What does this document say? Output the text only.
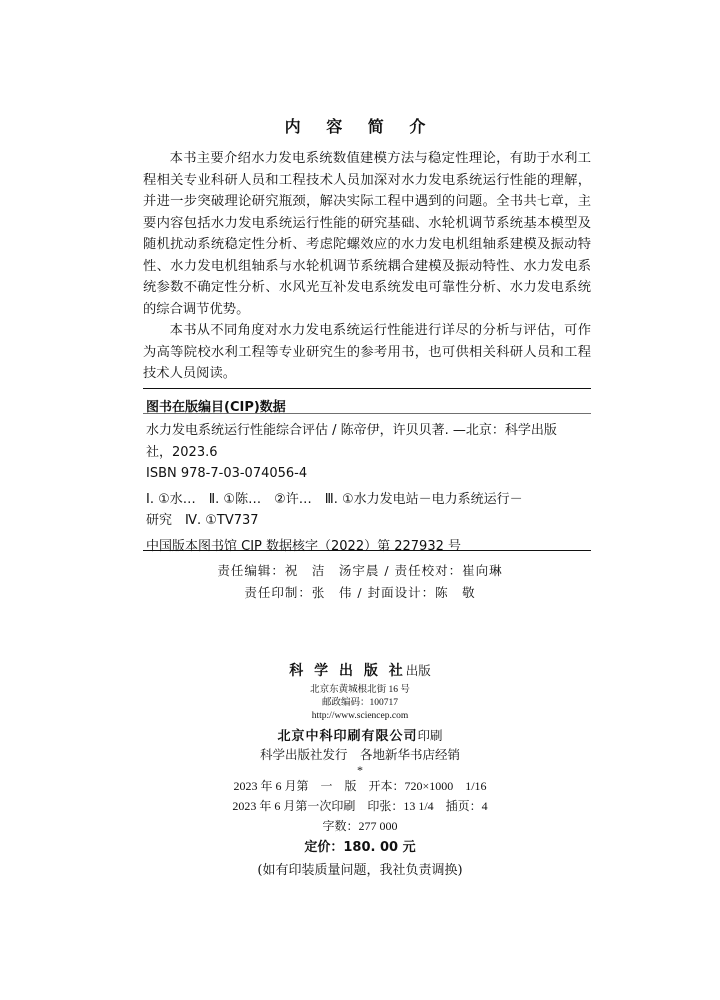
内 容 简 介

本书主要介绍水力发电系统数值建模方法与稳定性理论，有助于水利工程相关专业科研人员和工程技术人员加深对水力发电系统运行性能的理解，并进一步突破理论研究瓶颈，解决实际工程中遇到的问题。全书共七章，主要内容包括水力发电系统运行性能的研究基础、水轮机调节系统基本模型及随机扰动系统稳定性分析、考虑陀螺效应的水力发电机组轴系建模及振动特性、水力发电机组轴系与水轮机调节系统耦合建模及振动特性、水力发电系统参数不确定性分析、水风光互补发电系统发电可靠性分析、水力发电系统的综合调节优势。

本书从不同角度对水力发电系统运行性能进行详尽的分析与评估，可作为高等院校水利工程等专业研究生的参考用书，也可供相关科研人员和工程技术人员阅读。

图书在版编目(CIP)数据
水力发电系统运行性能综合评估 / 陈帝伊，许贝贝著. —北京：科学出版
社，2023.6
ISBN 978-7-03-074056-4
Ⅰ. ①水…　Ⅱ. ①陈…　②许…　Ⅲ. ①水力发电站－电力系统运行－
研究　Ⅳ. ①TV737
中国版本图书馆 CIP 数据核字（2022）第 227932 号
责任编辑：祝　洁　汤宇晨 / 责任校对：崔向琳
责任印制：张　伟 / 封面设计：陈　敬
科 学 出 版 社出版
北京东黄城根北街 16 号
邮政编码：100717
http://www.sciencep.com
北京中科印刷有限公司印刷
科学出版社发行　各地新华书店经销
*
2023 年 6 月第　一　版　开本：720×1000　1/16
2023 年 6 月第一次印刷　印张：13 1/4　插页：4
字数：277 000
定价：180. 00 元
(如有印装质量问题，我社负责调换)
